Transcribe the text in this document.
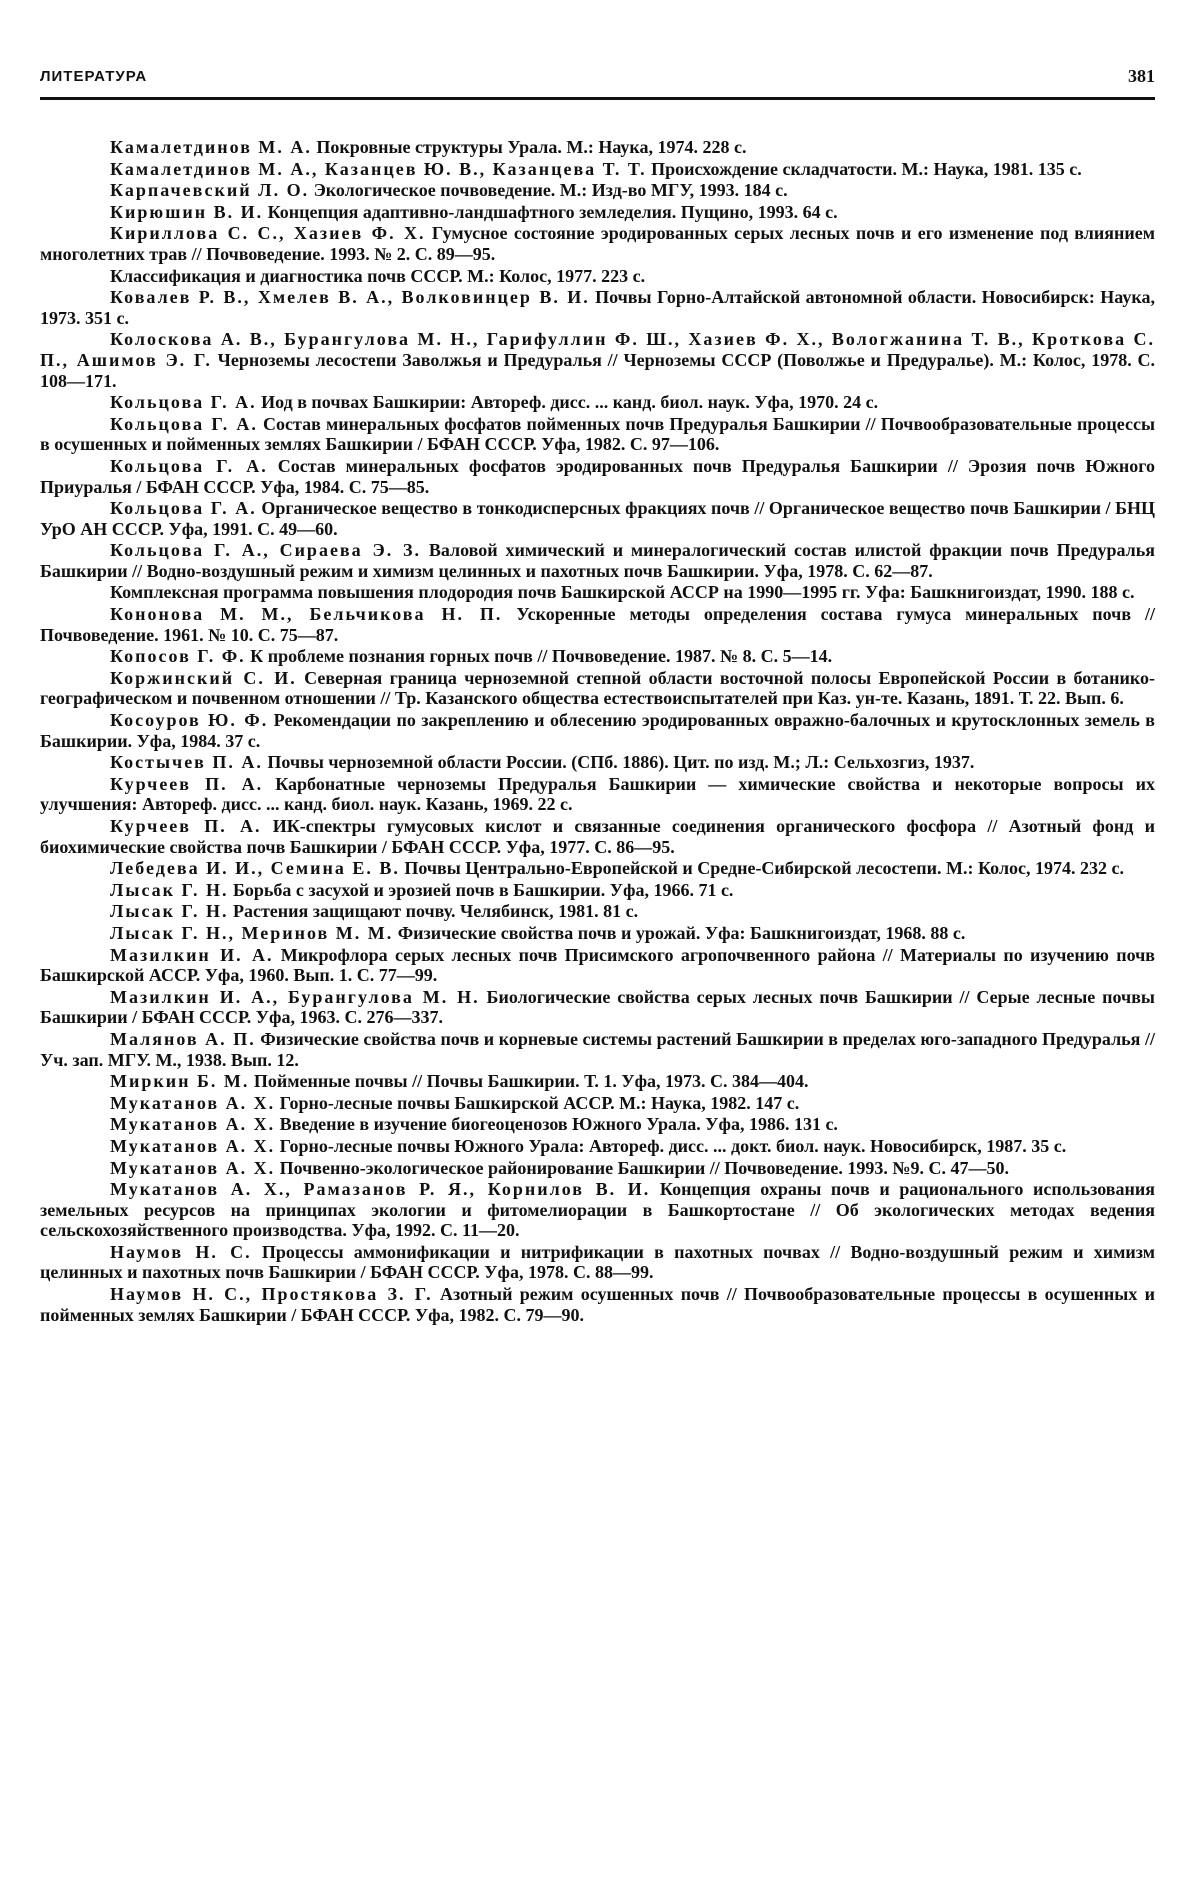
ЛИТЕРАТУРА	381

Камалетдинов М. А. Покровные структуры Урала. М.: Наука, 1974. 228 с.

Камалетдинов М. А., Казанцев Ю. В., Казанцева Т. Т. Происхождение складчатости. М.: Наука, 1981. 135 с.

Карпачевский Л. О. Экологическое почвоведение. М.: Изд-во МГУ, 1993. 184 с.

Кирюшин В. И. Концепция адаптивно-ландшафтного земледелия. Пущино, 1993. 64 с.

Кириллова С. С., Хазиев Ф. Х. Гумусное состояние эродированных серых лесных почв и его изменение под влиянием многолетних трав // Почвоведение. 1993. № 2. С. 89—95.

Классификация и диагностика почв СССР. М.: Колос, 1977. 223 с.

Ковалев Р. В., Хмелев В. А., Волковинцер В. И. Почвы Горно-Алтайской автономной области. Новосибирск: Наука, 1973. 351 с.

Колоскова А. В., Бурангулова М. Н., Гарифуллин Ф. Ш., Хазиев Ф. Х., Вологжанина Т. В., Кроткова С. П., Ашимов Э. Г. Черноземы лесостепи Заволжья и Предуралья // Черноземы СССР (Поволжье и Предуралье). М.: Колос, 1978. С. 108—171.

Кольцова Г. А. Иод в почвах Башкирии: Автореф. дисс. ... канд. биол. наук. Уфа, 1970. 24 с.

Кольцова Г. А. Состав минеральных фосфатов пойменных почв Предуралья Башкирии // Почвообразовательные процессы в осушенных и пойменных землях Башкирии / БФАН СССР. Уфа, 1982. С. 97—106.

Кольцова Г. А. Состав минеральных фосфатов эродированных почв Предуралья Башкирии // Эрозия почв Южного Приуралья / БФАН СССР. Уфа, 1984. С. 75—85.

Кольцова Г. А. Органическое вещество в тонкодисперсных фракциях почв // Органическое вещество почв Башкирии / БНЦ УрО АН СССР. Уфа, 1991. С. 49—60.

Кольцова Г. А., Сираева Э. З. Валовой химический и минералогический состав илистой фракции почв Предуралья Башкирии // Водно-воздушный режим и химизм целинных и пахотных почв Башкирии. Уфа, 1978. С. 62—87.

Комплексная программа повышения плодородия почв Башкирской АССР на 1990—1995 гг. Уфа: Башкнигоиздат, 1990. 188 с.

Кононова М. М., Бельчикова Н. П. Ускоренные методы определения состава гумуса минеральных почв // Почвоведение. 1961. № 10. С. 75—87.

Копосов Г. Ф. К проблеме познания горных почв // Почвоведение. 1987. № 8. С. 5—14.

Коржинский С. И. Северная граница черноземной степной области восточной полосы Европейской России в ботанико-географическом и почвенном отношении // Тр. Казанского общества естествоиспытателей при Каз. ун-те. Казань, 1891. Т. 22. Вып. 6.

Косоуров Ю. Ф. Рекомендации по закреплению и облесению эродированных овражно-балочных и крутосклонных земель в Башкирии. Уфа, 1984. 37 с.

Костычев П. А. Почвы черноземной области России. (СПб. 1886). Цит. по изд. М.; Л.: Сельхозгиз, 1937.

Курчеев П. А. Карбонатные черноземы Предуралья Башкирии — химические свойства и некоторые вопросы их улучшения: Автореф. дисс. ... канд. биол. наук. Казань, 1969. 22 с.

Курчеев П. А. ИК-спектры гумусовых кислот и связанные соединения органического фосфора // Азотный фонд и биохимические свойства почв Башкирии / БФАН СССР. Уфа, 1977. С. 86—95.

Лебедева И. И., Семина Е. В. Почвы Центрально-Европейской и Средне-Сибирской лесостепи. М.: Колос, 1974. 232 с.

Лысак Г. Н. Борьба с засухой и эрозией почв в Башкирии. Уфа, 1966. 71 с.

Лысак Г. Н. Растения защищают почву. Челябинск, 1981. 81 с.

Лысак Г. Н., Меринов М. М. Физические свойства почв и урожай. Уфа: Башкнигоиздат, 1968. 88 с.

Мазилкин И. А. Микрофлора серых лесных почв Присимского агропочвенного района // Материалы по изучению почв Башкирской АССР. Уфа, 1960. Вып. 1. С. 77—99.

Мазилкин И. А., Бурангулова М. Н. Биологические свойства серых лесных почв Башкирии // Серые лесные почвы Башкирии / БФАН СССР. Уфа, 1963. С. 276—337.

Малянов А. П. Физические свойства почв и корневые системы растений Башкирии в пределах юго-западного Предуралья // Уч. зап. МГУ. М., 1938. Вып. 12.

Миркин Б. М. Пойменные почвы // Почвы Башкирии. Т. 1. Уфа, 1973. С. 384—404.

Мукатанов А. Х. Горно-лесные почвы Башкирской АССР. М.: Наука, 1982. 147 с.

Мукатанов А. Х. Введение в изучение биогеоценозов Южного Урала. Уфа, 1986. 131 с.

Мукатанов А. Х. Горно-лесные почвы Южного Урала: Автореф. дисс. ... докт. биол. наук. Новосибирск, 1987. 35 с.

Мукатанов А. Х. Почвенно-экологическое районирование Башкирии // Почвоведение. 1993. №9. С. 47—50.

Мукатанов А. Х., Рамазанов Р. Я., Корнилов В. И. Концепция охраны почв и рационального использования земельных ресурсов на принципах экологии и фитомелиорации в Башкортостане // Об экологических методах ведения сельскохозяйственного производства. Уфа, 1992. С. 11—20.

Наумов Н. С. Процессы аммонификации и нитрификации в пахотных почвах // Водно-воздушный режим и химизм целинных и пахотных почв Башкирии / БФАН СССР. Уфа, 1978. С. 88—99.

Наумов Н. С., Простякова З. Г. Азотный режим осушенных почв // Почвообразовательные процессы в осушенных и пойменных землях Башкирии / БФАН СССР. Уфа, 1982. С. 79—90.
